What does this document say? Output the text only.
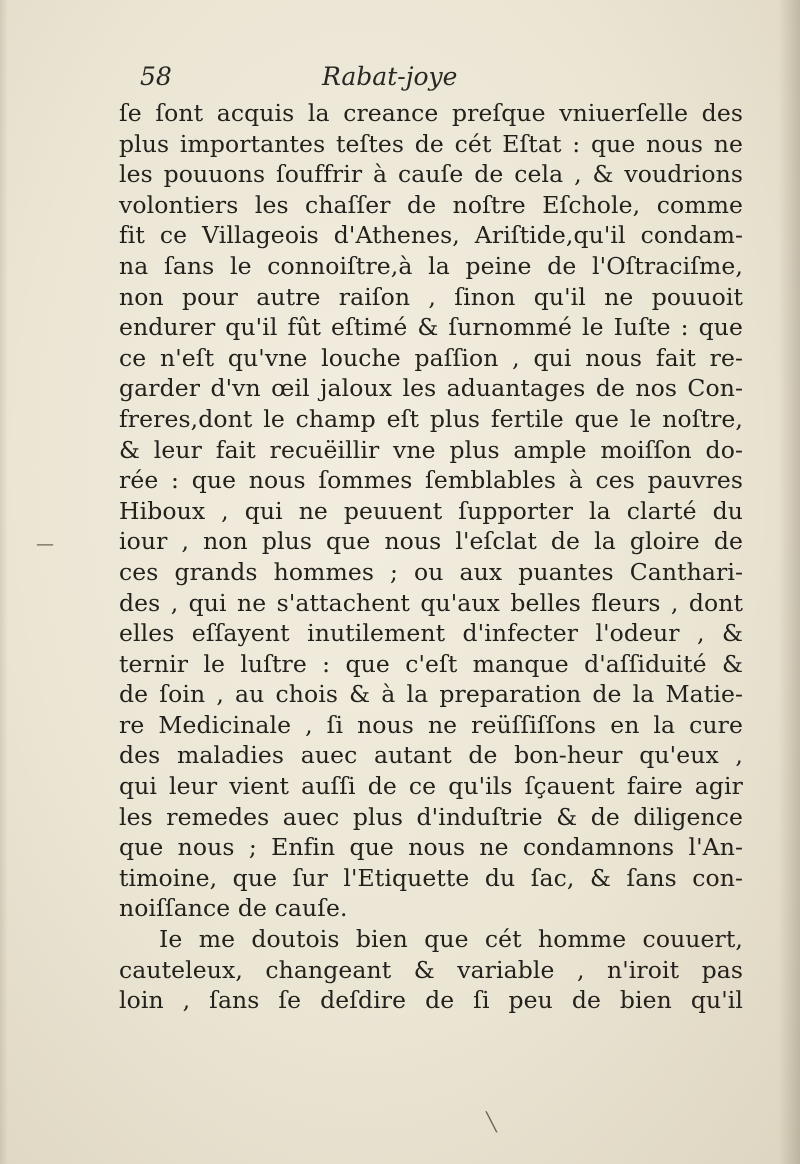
58	Rabat-joye
ſe ſont acquis la creance preſque vniuerſelle des
plus importantes teſtes de cét Eſtat : que nous ne
les pouuons ſouffrir à cauſe de cela , & voudrions
volontiers les chaſſer de noſtre Eſchole, comme
fit ce Villageois d'Athenes, Ariſtide,qu'il condam-
na ſans le connoiſtre,à la peine de l'Oſtraciſme,
non pour autre raiſon , ſinon qu'il ne pouuoit
endurer qu'il fût eſtimé & ſurnommé le Iuſte : que
ce n'eſt qu'vne louche paſſion , qui nous fait re-
garder d'vn œil jaloux les aduantages de nos Con-
freres,dont le champ eſt plus fertile que le noſtre,
& leur fait recuëillir vne plus ample moiſſon do-
rée : que nous ſommes ſemblables à ces pauvres
Hiboux , qui ne peuuent ſupporter la clarté du
iour , non plus que nous l'eſclat de la gloire de
ces grands hommes ; ou aux puantes Canthari-
des , qui ne s'attachent qu'aux belles fleurs , dont
elles eſſayent inutilement d'infecter l'odeur , &
ternir le luſtre : que c'eſt manque d'aſſiduité &
de ſoin , au chois & à la preparation de la Matie-
re Medicinale , ſi nous ne reüſſiſſons en la cure
des maladies auec autant de bon-heur qu'eux ,
qui leur vient auſſi de ce qu'ils ſçauent faire agir
les remedes auec plus d'induſtrie & de diligence
que nous ; Enfin que nous ne condamnons l'An-
timoine, que ſur l'Etiquette du ſac, & ſans con-
noiſſance de cauſe.
Ie me doutois bien que cét homme couuert,
cauteleux, changeant & variable , n'iroit pas
loin , ſans ſe deſdire de ſi peu de bien qu'il
—
╲
